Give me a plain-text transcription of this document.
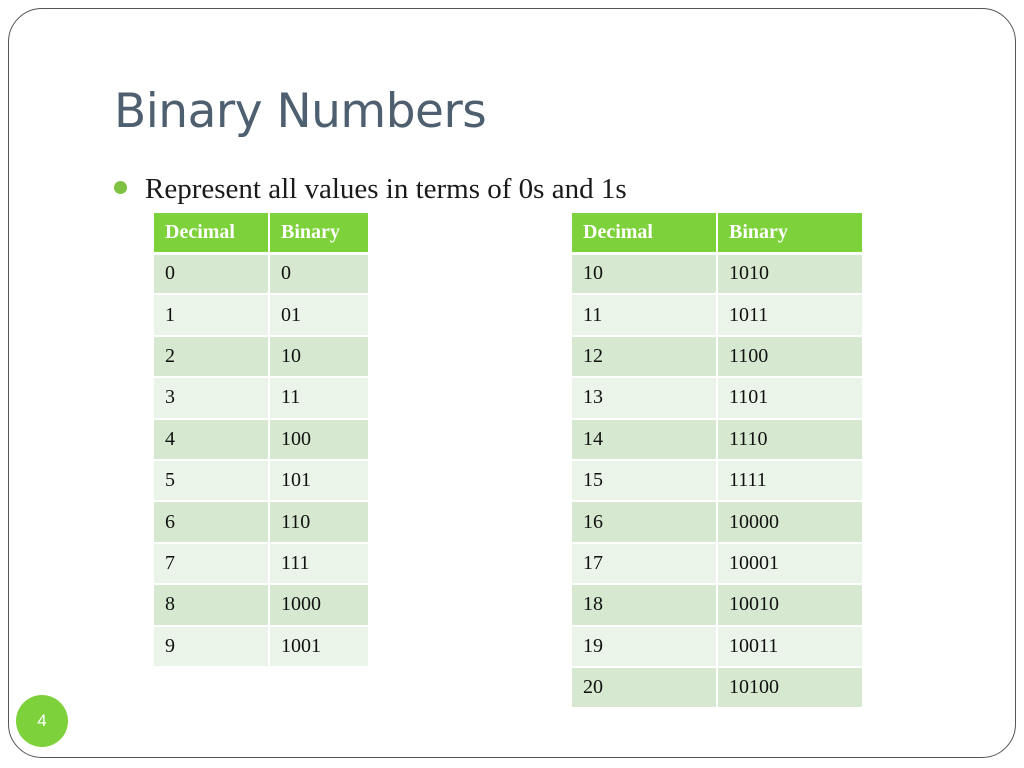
Binary Numbers
Represent all values in terms of 0s and 1s
Decimal	Binary
0	0
1	01
2	10
3	11
4	100
5	101
6	110
7	111
8	1000
9	1001
Decimal	Binary
10	1010
11	1011
12	1100
13	1101
14	1110
15	1111
16	10000
17	10001
18	10010
19	10011
20	10100
4
